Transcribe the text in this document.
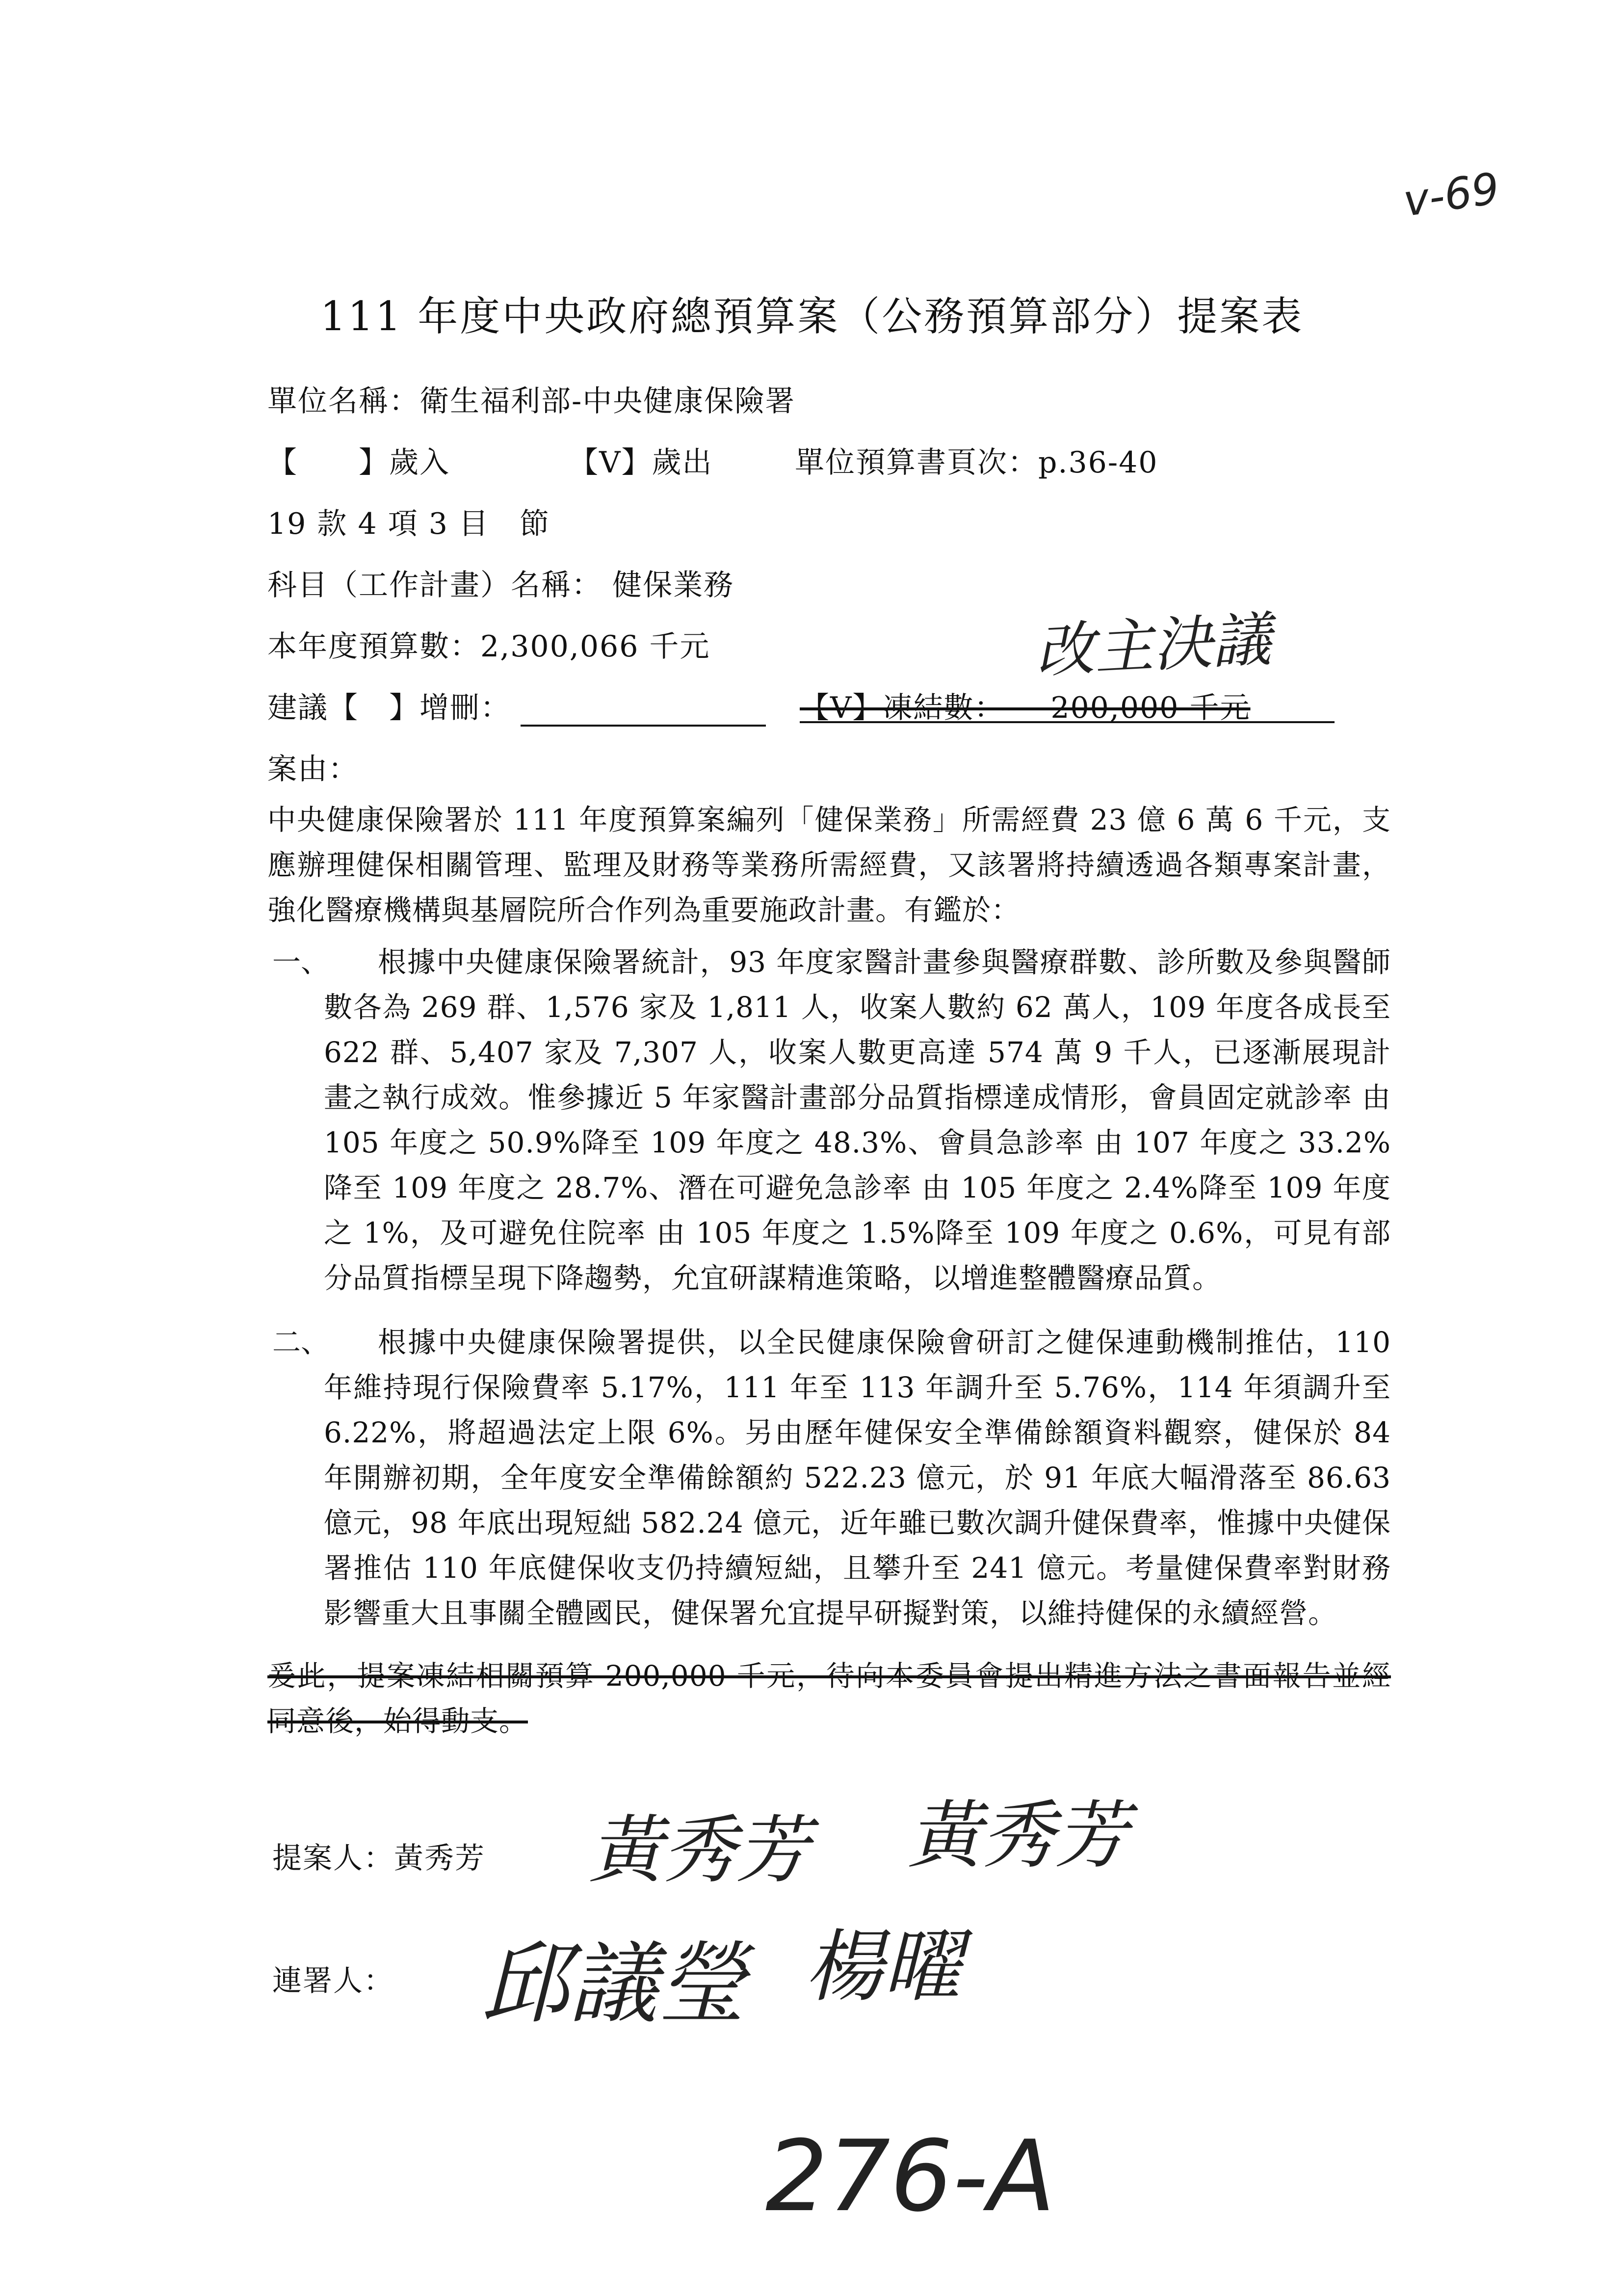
v-69
111 年度中央政府總預算案（公務預算部分）提案表
單位名稱：衛生福利部-中央健康保險署
【　　】歲入	【V】歲出	單位預算書頁次：p.36-40
19 款 4 項 3 目　節
科目（工作計畫）名稱： 健保業務
本年度預算數：2,300,066 千元	改主決議
建議【　】增刪：	【V】凍結數：　　200,000 千元
案由：
中央健康保險署於 111 年度預算案編列「健保業務」所需經費 23 億 6 萬 6 千元，支應辦理健保相關管理、監理及財務等業務所需經費，又該署將持續透過各類專案計畫，強化醫療機構與基層院所合作列為重要施政計畫。有鑑於：
一、	根據中央健康保險署統計，93 年度家醫計畫參與醫療群數、診所數及參與醫師數各為 269 群、1,576 家及 1,811 人，收案人數約 62 萬人，109 年度各成長至 622 群、5,407 家及 7,307 人，收案人數更高達 574 萬 9 千人，已逐漸展現計畫之執行成效。惟參據近 5 年家醫計畫部分品質指標達成情形，會員固定就診率 由 105 年度之 50.9%降至 109 年度之 48.3%、會員急診率 由 107 年度之 33.2%降至 109 年度之 28.7%、潛在可避免急診率 由 105 年度之 2.4%降至 109 年度之 1%，及可避免住院率 由 105 年度之 1.5%降至 109 年度之 0.6%，可見有部分品質指標呈現下降趨勢，允宜研謀精進策略，以增進整體醫療品質。
二、	根據中央健康保險署提供，以全民健康保險會研訂之健保連動機制推估，110 年維持現行保險費率 5.17%，111 年至 113 年調升至 5.76%，114 年須調升至 6.22%，將超過法定上限 6%。另由歷年健保安全準備餘額資料觀察，健保於 84 年開辦初期，全年度安全準備餘額約 522.23 億元，於 91 年底大幅滑落至 86.63 億元，98 年底出現短絀 582.24 億元，近年雖已數次調升健保費率，惟據中央健保署推估 110 年底健保收支仍持續短絀，且攀升至 241 億元。考量健保費率對財務影響重大且事關全體國民，健保署允宜提早研擬對策，以維持健保的永續經營。
爰此，提案凍結相關預算 200,000 千元，待向本委員會提出精進方法之書面報告並經同意後，始得動支。
提案人：黃秀芳 黃秀芳 黃秀芳
連署人： 邱議瑩 楊曜
276-A
